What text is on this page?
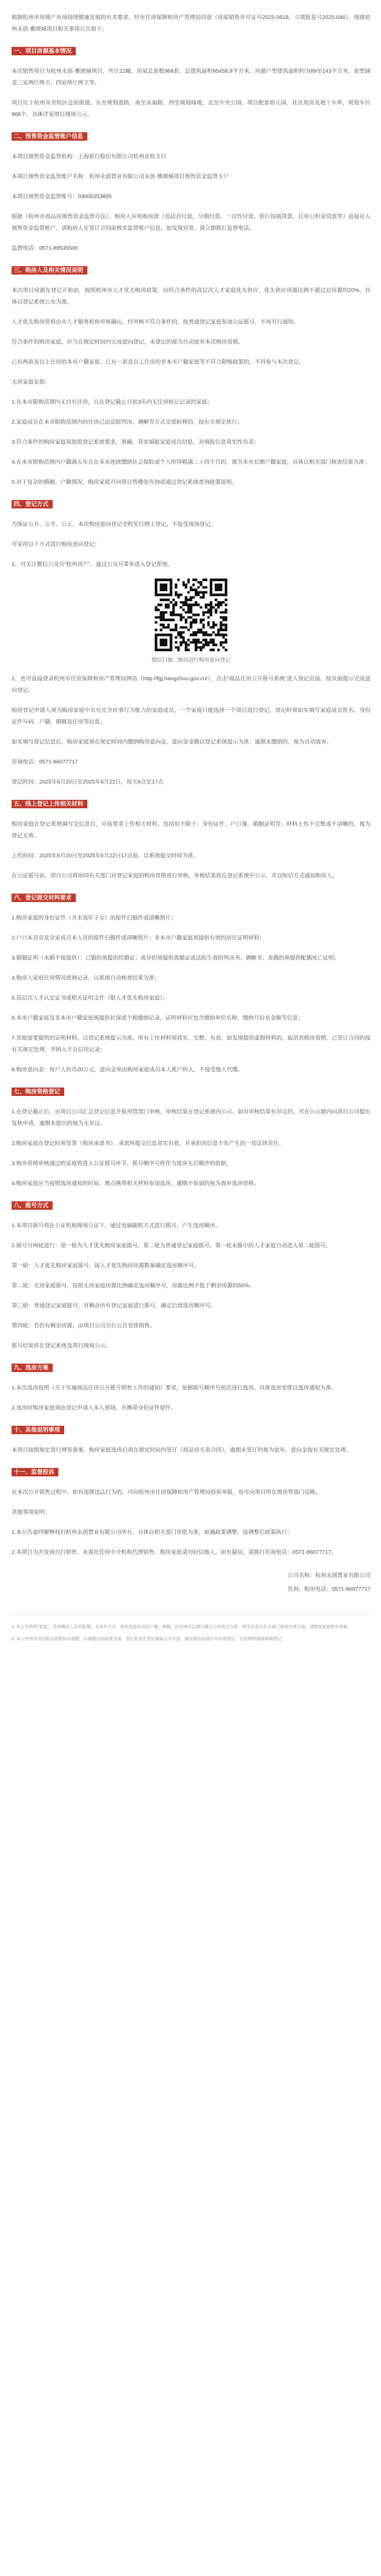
根据杭州市房地产市场持续健康发展的有关要求，经市住房保障和房产管理局同意（房屋销售许可证号2025-0618，立项批复号2025-046），现就杭州永创·雅颂城项目相关事项公告如下：

一、项目房源基本情况

本次销售项目为杭州永创·雅颂城项目，共计22幢，房屋总套数968套，总建筑面积95458.9平方米。房源户型建筑面积约为89至143平方米，套型涵盖三室两厅两卫、四室两厅两卫等。

项目位于杭州市余杭区仓前街道，东至规划道路，南至永福路，西至规划绿地，北至中央公园。项目配套幼儿园、社区用房及地下车库，规划车位968个，具体详见项目现场公示。

二、预售资金监管账户信息

本项目预售资金监管机构：上海银行股份有限公司杭州余杭支行

本项目预售资金监管账户名称：杭州永创置业有限公司永创·雅颂城项目预售资金监管专户

本项目预售资金监管账号：03006253805

根据《杭州市商品房预售资金监管办法》，购房人应将购房款（包括首付款、分期付款、一次性付款、银行按揭贷款、住房公积金贷款等）直接存入预售资金监管账户，请购房人在签订合同前核实监管账户信息。如发现异常，请立即拨打监督电话。

监督电话：0571-89535500

三、购房人及相关情况说明

本次项目房源在登记开始前，按照杭州市人才优先购房政策，向符合条件的高层次人才家庭优先供应，优先供应房源比例不超过总房源的20%，具体以登记系统公布为准。

人才优先购房资格由市人才服务机构审核确认，经审核不符合条件的，按普通登记家庭参加公证摇号，不再另行通知。

符合条件的购房家庭，应当在规定时间内完成意向登记，未登记的视为自动放弃本次购房资格。

已有两套及以上住房的本市户籍家庭、已有一套及以上住房的非本市户籍家庭等不符合限购政策的，不得参与本次登记。

无房家庭是指：

1.在本市限购范围内无自有住房，且在登记截止日前3年内无住房转让记录的家庭；

2.家庭成员在本市限购范围内的住房已由法院判决、调解等方式全部转移的，按有关规定执行；

3.符合条件的购房家庭须按照登记系统要求，准确、真实填报家庭成员信息，对填报信息真实性负责；

4.在本市限购范围内户籍满五年且在本市连续缴纳社会保险或个人所得税满二十四个月的，视为本市长期户籍家庭，具体以相关部门核查结果为准；

5.对于复杂的婚姻、户籍情况，购房家庭可向项目售楼处咨询或通过登记系统查询政策说明。

四、登记方式

为保证公开、公平、公正，本次购房意向登记全程实行网上登记，不接受现场登记。

可采用以下方式进行购房意向登记：

1、可关注微信公众号“杭州房产”，通过公众号菜单进入登记系统。

微信扫描二维码进行购房意向登记

2、也可直接登录杭州市住房保障和房产管理局网站（http://fgj.hangzhou.gov.cn/），点击“商品住房公开摇号系统”进入登记页面，按页面提示完成意向登记。

购房登记申请人须为购房家庭中具有完全民事行为能力的家庭成员，一个家庭只能选择一个项目进行登记，登记时须如实填写家庭成员姓名、身份证件号码、户籍、婚姻及住房等信息。

如实填写登记信息后，购房家庭须在规定时间内缴纳购房意向金，意向金金额以登记系统提示为准；逾期未缴纳的，视为自动放弃。

咨询电话：0571-86077717

登记时间：2025年6月20日至2025年6月22日，每天9点至17点

五、线上登记上传相关材料

购房家庭在登记系统填写完信息后，应按要求上传相关材料，包括但不限于：身份证件、户口簿、婚姻证明等；材料上传不完整或不清晰的，视为登记无效。

上传时间：2025年6月20日至2025年6月22日17点前，以系统提交时间为准。

在公证摇号前，项目公司将协同有关部门对登记家庭的购房资格进行审核，审核结果将在登记系统中公示，并以短信方式通知购房人。

六、登记提交材料要求

1.购房家庭的身份证件（含未成年子女）的原件扫描件或清晰照片；

2.户口本首页及全家成员本人页的原件扫描件或清晰照片；非本市户籍家庭须提供有效的居住证明材料；

3.婚姻证明（未婚不需提供）：已婚的须提供结婚证；离异的须提供离婚证或法院生效的判决书、调解书；丧偶的须提供配偶死亡证明；

4.购房人家庭住房情况查询记录，以系统自动核查结果为准；

5.高层次人才认定证书或相关证明文件（限人才优先购房家庭）；

6.本市户籍家庭及非本市户籍家庭需提供社保或个税缴纳记录，证明材料应包含缴纳单位名称、缴纳月份及金额等信息；

7.其他需要提供的证明材料，以登记系统提示为准。所有上传材料须真实、完整、有效，如发现提供虚假材料的，取消其购房资格，已签订合同的按有关规定处理，并纳入不良信用记录；

8.购房意向金：每户人民币20万元，意向金须由购房家庭成员本人账户转入，不接受他人代缴。

七、购房资格登记

1.在登记截止后，由项目公司汇总登记信息并报房管部门审核，审核结果在登记系统内公示。如对审核结果有异议的，可在公示期内向项目公司提出复核申请，逾期未提出的视为无异议。

2.购房家庭在登记时须签署《购房承诺书》，承诺所提交信息真实有效，并承担因信息不实产生的一切法律责任。

3.购房资格审核通过的家庭将进入公证摇号环节，摇号顺序号将作为选房先后顺序的依据。

4.购房家庭应当按照选房通知的时间、地点携带相关材料参加选房，逾期不参加的视为放弃选房资格。

八、摇号方式

1.本项目摇号将在公证机构现场公证下，通过电脑随机方式进行摇号，产生选房顺序。

2.摇号分两轮进行：第一轮为人才优先购房家庭摇号，第二轮为普通登记家庭摇号。第一轮未摇中的人才家庭自动进入第二轮摇号。

第一轮：人才优先购房家庭摇号，按人才优先购房房源数量确定选房顺序号。

第二轮：无房家庭摇号，按照无房家庭房源比例确定选房顺序号，房源比例不低于剩余房源的50%。

第三轮：普通登记家庭摇号，对剩余所有登记家庭进行摇号，确定后续选房顺序号。

第四轮：若仍有剩余房源，由项目公司另行公告安排销售。

摇号结果将在登记系统及项目现场公示。

九、选房方案

1.本次选房按照《关于实施商品住房公开摇号销售工作的通知》要求，依据摇号顺序号依次进行选房，具体选房安排以选房通知为准。

2.选房时购房家庭须由登记申请人本人到场，并携带身份证件原件。

十、其他说明事项

本项目按照规定进行网签备案，购房家庭选房后须在规定时间内签订《商品房买卖合同》，逾期未签订的视为放弃，意向金按有关规定处理。

十一、监督投诉

在本次公开销售过程中，如有违规违法行为的，可向杭州市住房保障和房产管理局投诉举报，也可向项目所在地房管部门反映。

其他事项说明：

1.本公告最终解释权归杭州永创置业有限公司所有，具体以相关部门审批为准，如遇政策调整，按调整后政策执行；

2.本项目为开发商自行销售，未委托任何中介机构代理销售，购房家庭请勿轻信他人。如有疑问，请拨打咨询电话：0571-86077717。

公司名称：杭州永创置业有限公司
咨询、购房电话：0571-86077717

1. 本公告所称“家庭”，是指购房人及其配偶、未成年子女。购房家庭成员的户籍、婚姻、住房情况以登记截止日的状态为准，相关信息以有关部门核查结果为准，请购房家庭如实申报。

2. 本公告所涉及的相关政策如有调整，以调整后的政策为准。登记系统在登记期间全天开放，建议购房家庭尽早完成登记，以免网络拥堵影响登记。
